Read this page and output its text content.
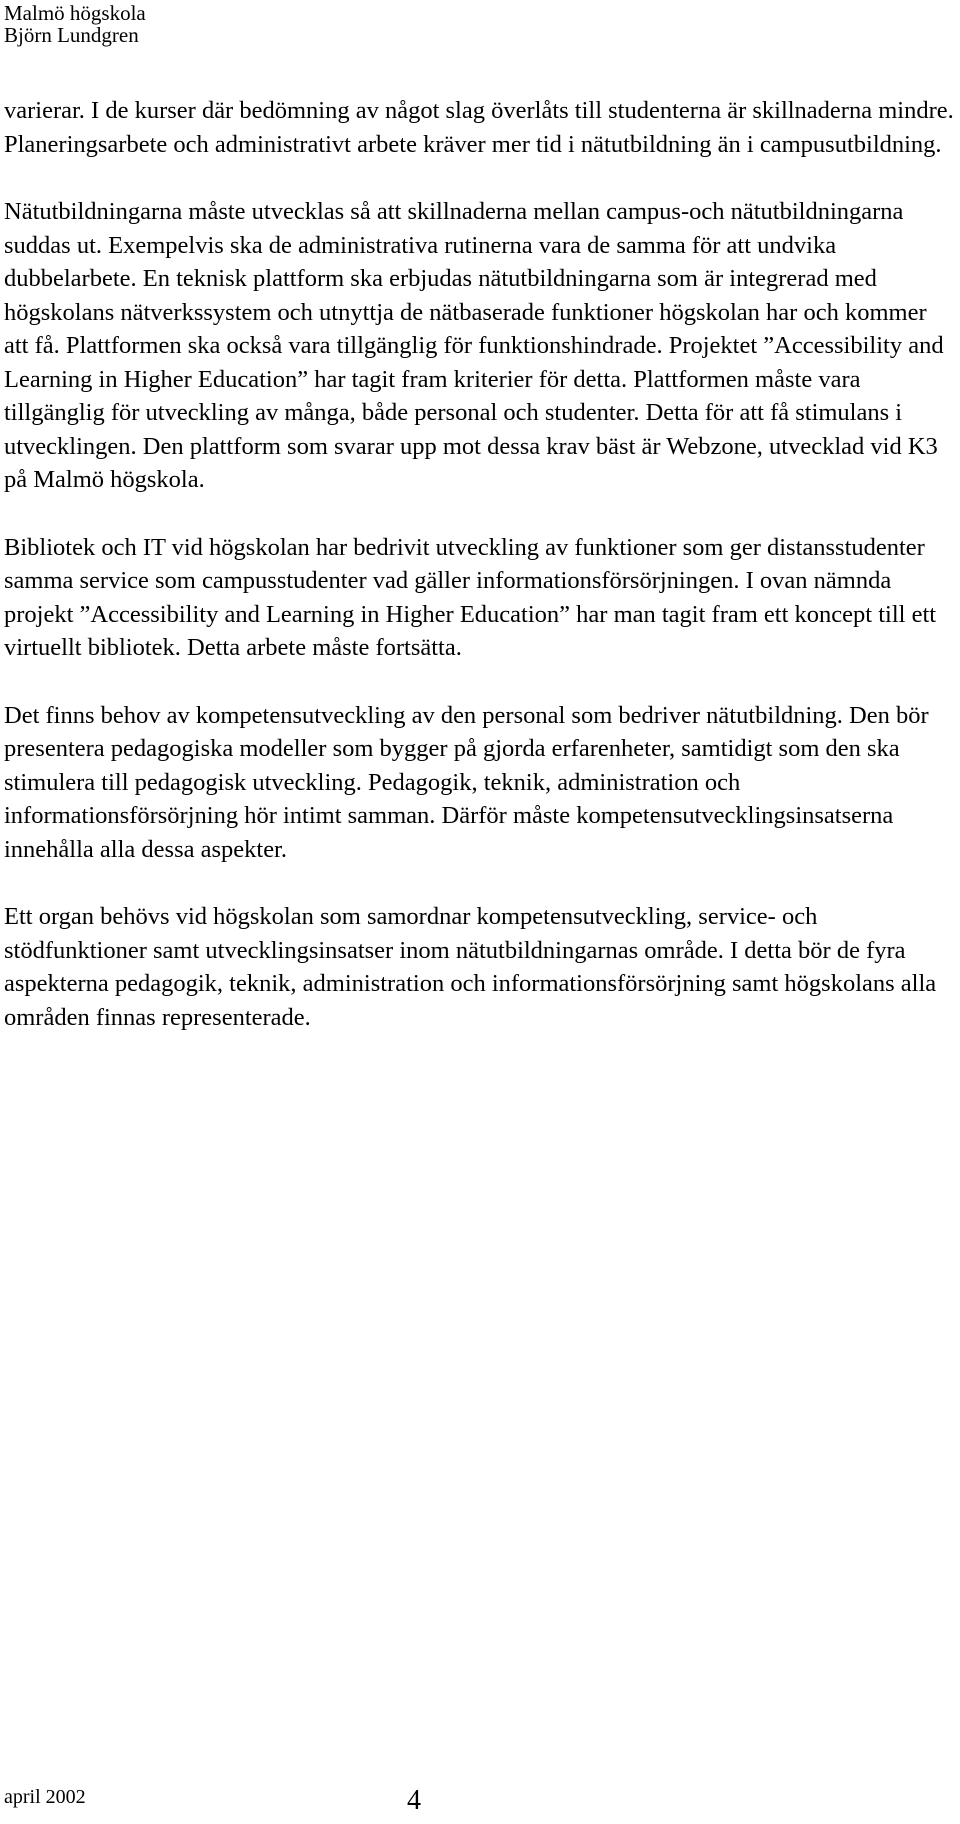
Malmö högskola
Björn Lundgren

varierar. I de kurser där bedömning av något slag överlåts till studenterna är skillnaderna mindre. Planeringsarbete och administrativt arbete kräver mer tid i nätutbildning än i campusutbildning.

Nätutbildningarna måste utvecklas så att skillnaderna mellan campus-och nätutbildningarna suddas ut. Exempelvis ska de administrativa rutinerna vara de samma för att undvika dubbelarbete. En teknisk plattform ska erbjudas nätutbildningarna som är integrerad med högskolans nätverkssystem och utnyttja de nätbaserade funktioner högskolan har och kommer att få. Plattformen ska också vara tillgänglig för funktionshindrade. Projektet ”Accessibility and Learning in Higher Education” har tagit fram kriterier för detta. Plattformen måste vara tillgänglig för utveckling av många, både personal och studenter. Detta för att få stimulans i utvecklingen. Den plattform som svarar upp mot dessa krav bäst är Webzone, utvecklad vid K3 på Malmö högskola.

Bibliotek och IT vid högskolan har bedrivit utveckling av funktioner som ger distansstudenter samma service som campusstudenter vad gäller informationsförsörjningen. I ovan nämnda projekt ”Accessibility and Learning in Higher Education” har man tagit fram ett koncept till ett virtuellt bibliotek. Detta arbete måste fortsätta.

Det finns behov av kompetensutveckling av den personal som bedriver nätutbildning. Den bör presentera pedagogiska modeller som bygger på gjorda erfarenheter, samtidigt som den ska stimulera till pedagogisk utveckling. Pedagogik, teknik, administration och informationsförsörjning hör intimt samman. Därför måste kompetensutvecklingsinsatserna innehålla alla dessa aspekter.

Ett organ behövs vid högskolan som samordnar kompetensutveckling, service- och stödfunktioner samt utvecklingsinsatser inom nätutbildningarnas område. I detta bör de fyra aspekterna pedagogik, teknik, administration och informationsförsörjning samt högskolans alla områden finnas representerade.

april 2002	4
